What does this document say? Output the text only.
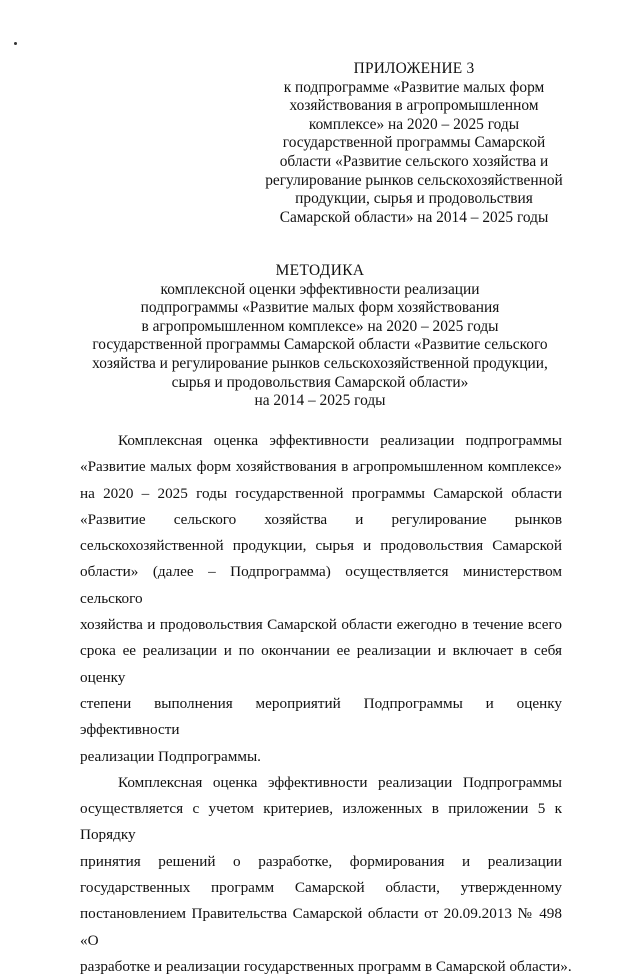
ПРИЛОЖЕНИЕ 3
к подпрограмме «Развитие малых форм
хозяйствования в агропромышленном
комплексе» на 2020 – 2025 годы
государственной программы Самарской
области «Развитие сельского хозяйства и
регулирование рынков сельскохозяйственной
продукции, сырья и продовольствия
Самарской области» на 2014 – 2025 годы
МЕТОДИКА
комплексной оценки эффективности реализации
подпрограммы «Развитие малых форм хозяйствования
в агропромышленном комплексе» на 2020 – 2025 годы
государственной программы Самарской области «Развитие сельского
хозяйства и регулирование рынков сельскохозяйственной продукции,
сырья и продовольствия Самарской области»
на 2014 – 2025 годы
Комплексная оценка эффективности реализации подпрограммы
«Развитие малых форм хозяйствования в агропромышленном комплексе»
на 2020 – 2025 годы государственной программы Самарской области
«Развитие сельского хозяйства и регулирование рынков
сельскохозяйственной продукции, сырья и продовольствия Самарской
области» (далее – Подпрограмма) осуществляется министерством сельского
хозяйства и продовольствия Самарской области ежегодно в течение всего
срока ее реализации и по окончании ее реализации и включает в себя оценку
степени выполнения мероприятий Подпрограммы и оценку эффективности
реализации Подпрограммы.
Комплексная оценка эффективности реализации Подпрограммы
осуществляется с учетом критериев, изложенных в приложении 5 к Порядку
принятия решений о разработке, формирования и реализации
государственных программ Самарской области, утвержденному
постановлением Правительства Самарской области от 20.09.2013 № 498 «О
разработке и реализации государственных программ в Самарской области».
